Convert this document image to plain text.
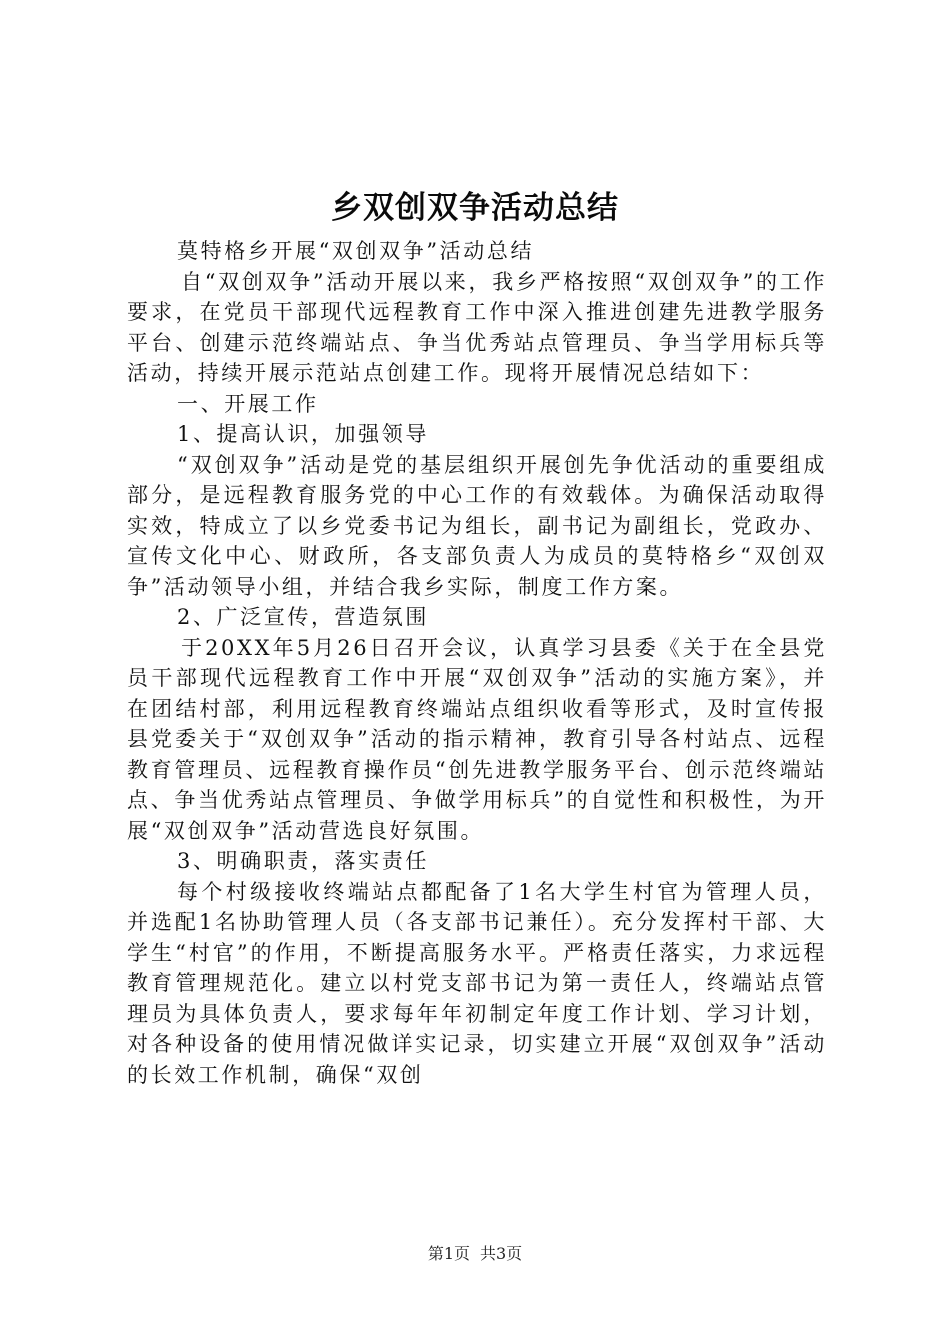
乡双创双争活动总结

莫特格乡开展“双创双争”活动总结

自“双创双争”活动开展以来，我乡严格按照“双创双争”的工作要求，在党员干部现代远程教育工作中深入推进创建先进教学服务平台、创建示范终端站点、争当优秀站点管理员、争当学用标兵等活动，持续开展示范站点创建工作。现将开展情况总结如下：

一、开展工作

1、提高认识，加强领导

“双创双争”活动是党的基层组织开展创先争优活动的重要组成部分，是远程教育服务党的中心工作的有效载体。为确保活动取得实效，特成立了以乡党委书记为组长，副书记为副组长，党政办、宣传文化中心、财政所，各支部负责人为成员的莫特格乡“双创双争”活动领导小组，并结合我乡实际，制度工作方案。

2、广泛宣传，营造氛围

于20XX年5月26日召开会议，认真学习县委《关于在全县党员干部现代远程教育工作中开展“双创双争”活动的实施方案》，并在团结村部，利用远程教育终端站点组织收看等形式，及时宣传报县党委关于“双创双争”活动的指示精神，教育引导各村站点、远程教育管理员、远程教育操作员“创先进教学服务平台、创示范终端站点、争当优秀站点管理员、争做学用标兵”的自觉性和积极性，为开展“双创双争”活动营选良好氛围。

3、明确职责，落实责任

每个村级接收终端站点都配备了1名大学生村官为管理人员，并选配1名协助管理人员（各支部书记兼任）。充分发挥村干部、大学生“村官”的作用，不断提高服务水平。严格责任落实，力求远程教育管理规范化。建立以村党支部书记为第一责任人，终端站点管理员为具体负责人，要求每年年初制定年度工作计划、学习计划，对各种设备的使用情况做详实记录，切实建立开展“双创双争”活动的长效工作机制，确保“双创

第1页 共3页
